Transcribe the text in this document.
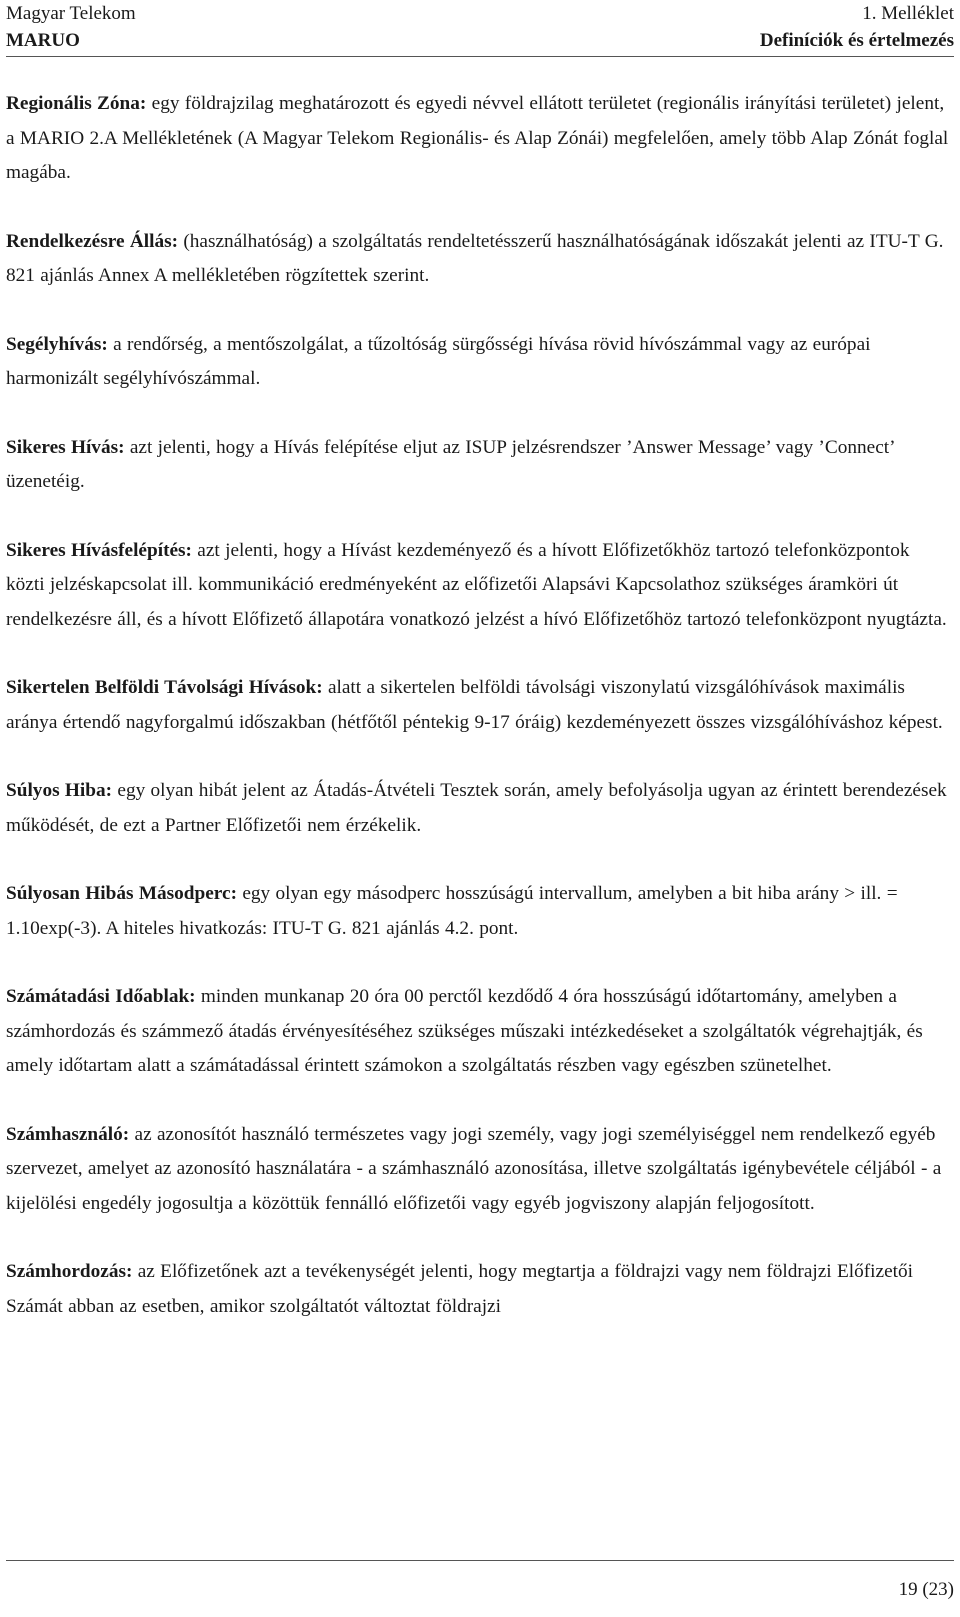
Magyar Telekom
MARUO
1. Melléklet
Definíciók és értelmezés

Regionális Zóna: egy földrajzilag meghatározott és egyedi névvel ellátott területet (regionális irányítási területet) jelent, a MARIO 2.A Mellékletének (A Magyar Telekom Regionális- és Alap Zónái) megfelelően, amely több Alap Zónát foglal magába.

Rendelkezésre Állás: (használhatóság) a szolgáltatás rendeltetésszerű használhatóságának időszakát jelenti az ITU-T G. 821 ajánlás Annex A mellékletében rögzítettek szerint.

Segélyhívás: a rendőrség, a mentőszolgálat, a tűzoltóság sürgősségi hívása rövid hívószámmal vagy az európai harmonizált segélyhívószámmal.

Sikeres Hívás: azt jelenti, hogy a Hívás felépítése eljut az ISUP jelzésrendszer ’Answer Message’ vagy ’Connect’ üzenetéig.

Sikeres Hívásfelépítés: azt jelenti, hogy a Hívást kezdeményező és a hívott Előfizetőkhöz tartozó telefonközpontok közti jelzéskapcsolat ill. kommunikáció eredményeként az előfizetői Alapsávi Kapcsolathoz szükséges áramköri út rendelkezésre áll, és a hívott Előfizető állapotára vonatkozó jelzést a hívó Előfizetőhöz tartozó telefonközpont nyugtázta.

Sikertelen Belföldi Távolsági Hívások: alatt a sikertelen belföldi távolsági viszonylatú vizsgálóhívások maximális aránya értendő nagyforgalmú időszakban (hétfőtől péntekig 9-17 óráig) kezdeményezett összes vizsgálóhíváshoz képest.

Súlyos Hiba: egy olyan hibát jelent az Átadás-Átvételi Tesztek során, amely befolyásolja ugyan az érintett berendezések működését, de ezt a Partner Előfizetői nem érzékelik.

Súlyosan Hibás Másodperc: egy olyan egy másodperc hosszúságú intervallum, amelyben a bit hiba arány > ill. = 1.10exp(-3). A hiteles hivatkozás: ITU-T G. 821 ajánlás 4.2. pont.

Számátadási Időablak: minden munkanap 20 óra 00 perctől kezdődő 4 óra hosszúságú időtartomány, amelyben a számhordozás és számmező átadás érvényesítéséhez szükséges műszaki intézkedéseket a szolgáltatók végrehajtják, és amely időtartam alatt a számátadással érintett számokon a szolgáltatás részben vagy egészben szünetelhet.

Számhasználó: az azonosítót használó természetes vagy jogi személy, vagy jogi személyiséggel nem rendelkező egyéb szervezet, amelyet az azonosító használatára - a számhasználó azonosítása, illetve szolgáltatás igénybevétele céljából - a kijelölési engedély jogosultja a közöttük fennálló előfizetői vagy egyéb jogviszony alapján feljogosított.

Számhordozás: az Előfizetőnek azt a tevékenységét jelenti, hogy megtartja a földrajzi vagy nem földrajzi Előfizetői Számát abban az esetben, amikor szolgáltatót változtat földrajzi

19 (23)
